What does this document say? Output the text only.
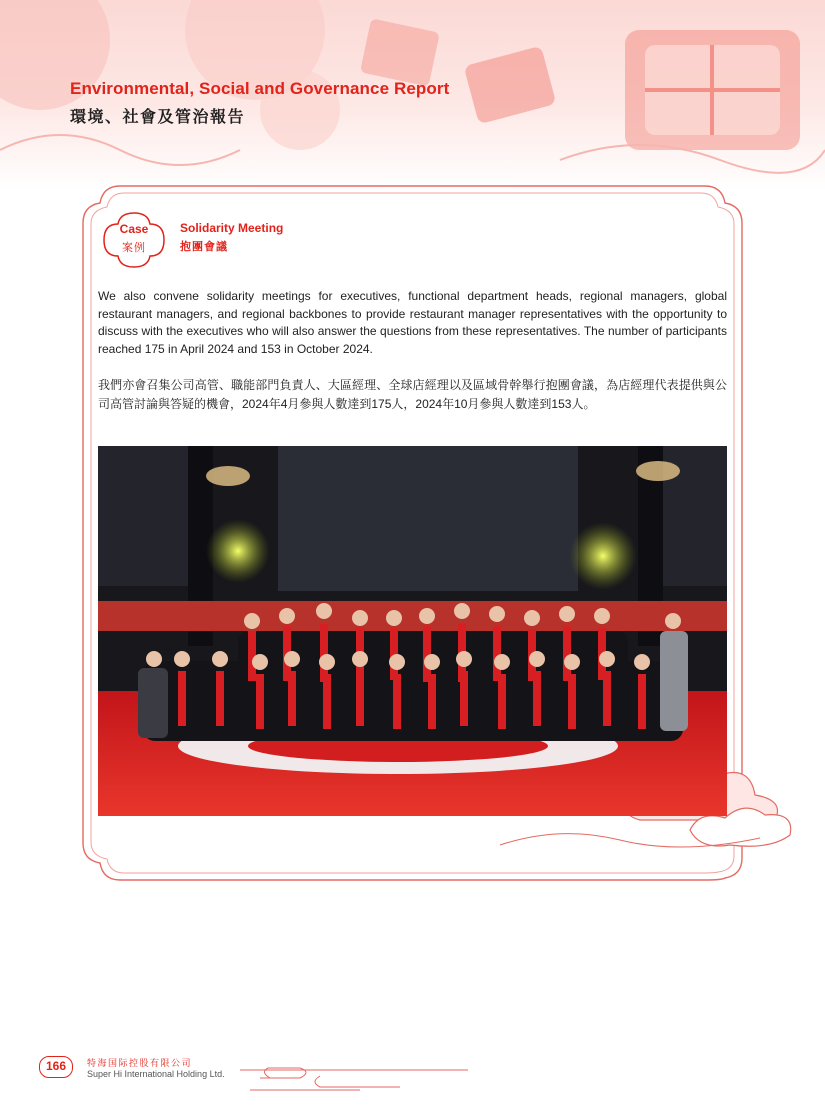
Environmental, Social and Governance Report
環境、社會及管治報告
Case
案例
Solidarity Meeting
抱團會議

We also convene solidarity meetings for executives, functional department heads, regional managers, global restaurant managers, and regional backbones to provide restaurant manager representatives with the opportunity to discuss with the executives who will also answer the questions from these representatives. The number of participants reached 175 in April 2024 and 153 in October 2024.

我們亦會召集公司高管、職能部門負責人、大區經理、全球店經理以及區域骨幹舉行抱團會議，為店經理代表提供與公司高管討論與答疑的機會，2024年4月參與人數達到175人，2024年10月參與人數達到153人。

166	特海国际控股有限公司

Super Hi International Holding Ltd.
